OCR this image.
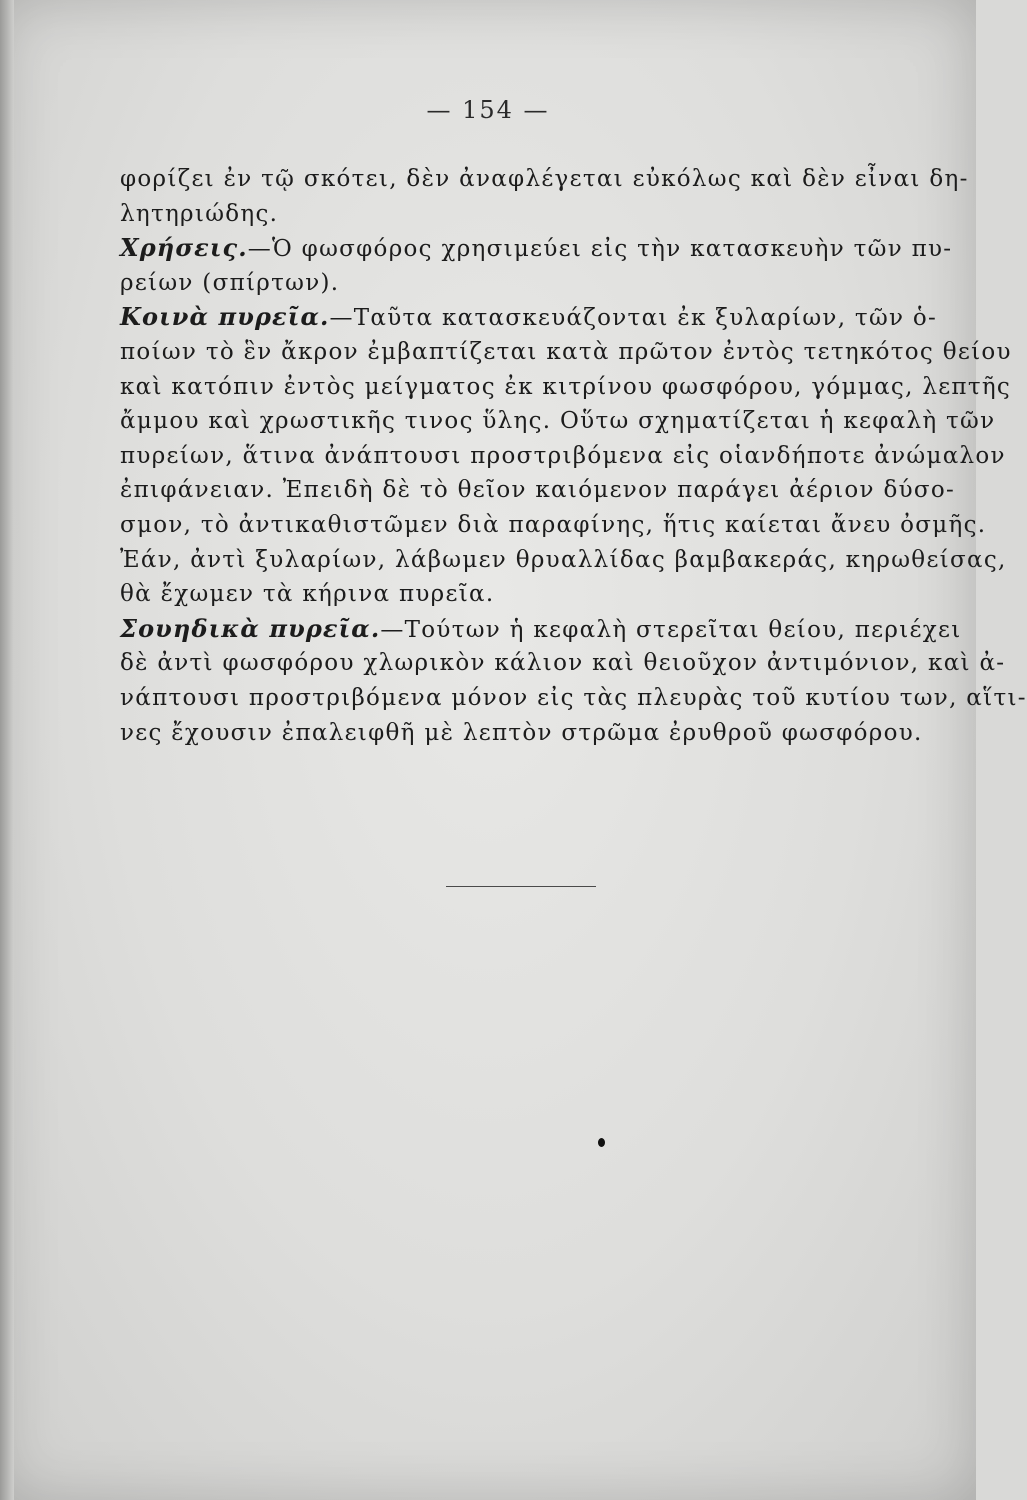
— 154 —
φορίζει ἐν τῷ σκότει, δὲν ἀναφλέγεται εὐκόλως καὶ δὲν εἶναι δη-
λητηριώδης.
Χρήσεις.—Ὁ φωσφόρος χρησιμεύει εἰς τὴν κατασκευὴν τῶν πυ-
ρείων (σπίρτων).
Κοινὰ πυρεῖα.—Ταῦτα κατασκευάζονται ἐκ ξυλαρίων, τῶν ὁ-
ποίων τὸ ἓν ἄκρον ἐμβαπτίζεται κατὰ πρῶτον ἐντὸς τετηκότος θείου
καὶ κατόπιν ἐντὸς μείγματος ἐκ κιτρίνου φωσφόρου, γόμμας, λεπτῆς
ἄμμου καὶ χρωστικῆς τινος ὕλης. Οὕτω σχηματίζεται ἡ κεφαλὴ τῶν
πυρείων, ἅτινα ἀνάπτουσι προστριβόμενα εἰς οἱανδήποτε ἀνώμαλον
ἐπιφάνειαν. Ἐπειδὴ δὲ τὸ θεῖον καιόμενον παράγει ἀέριον δύσο-
σμον, τὸ ἀντικαθιστῶμεν διὰ παραφίνης, ἥτις καίεται ἄνευ ὀσμῆς.
Ἐάν, ἀντὶ ξυλαρίων, λάβωμεν θρυαλλίδας βαμβακεράς, κηρωθείσας,
θὰ ἔχωμεν τὰ κήρινα πυρεῖα.
Σουηδικὰ πυρεῖα.—Τούτων ἡ κεφαλὴ στερεῖται θείου, περιέχει
δὲ ἀντὶ φωσφόρου χλωρικὸν κάλιον καὶ θειοῦχον ἀντιμόνιον, καὶ ἀ-
νάπτουσι προστριβόμενα μόνον εἰς τὰς πλευρὰς τοῦ κυτίου των, αἵτι-
νες ἔχουσιν ἐπαλειφθῆ μὲ λεπτὸν στρῶμα ἐρυθροῦ φωσφόρου.
